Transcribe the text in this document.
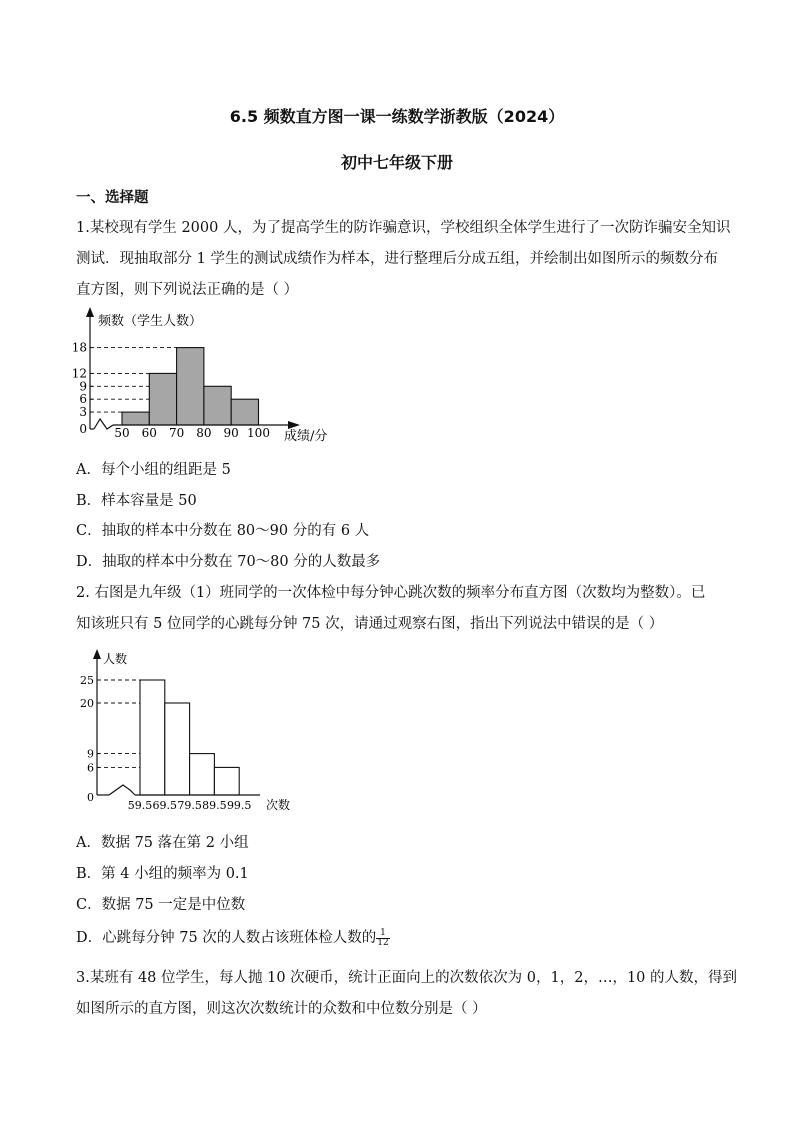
6.5 频数直方图一课一练数学浙教版（2024）
初中七年级下册
一、选择题
1.某校现有学生 2000 人，为了提高学生的防诈骗意识，学校组织全体学生进行了一次防诈骗安全知识
测试．现抽取部分 1 学生的测试成绩作为样本，进行整理后分成五组，并绘制出如图所示的频数分布
直方图，则下列说法正确的是（ ）
频数（学生人数）
成绩/分
50 60 70 80 90 100
0
3
6
9
12
18
A．每个小组的组距是 5
B．样本容量是 50
C．抽取的样本中分数在 80～90 分的有 6 人
D．抽取的样本中分数在 70～80 分的人数最多
2. 右图是九年级（1）班同学的一次体检中每分钟心跳次数的频率分布直方图（次数均为整数）。已
知该班只有 5 位同学的心跳每分钟 75 次，请通过观察右图，指出下列说法中错误的是（ ）
人数
次数
59.5 69.5 79.5 89.5 99.5
0
6
9
20
25
A．数据 75 落在第 2 小组
B．第 4 小组的频率为 0.1
C．数据 75 一定是中位数
D．心跳每分钟 75 次的人数占该班体检人数的 $\frac{1}{12}$
3.某班有 48 位学生，每人抛 10 次硬币，统计正面向上的次数依次为 0，1，2，…，10 的人数，得到
如图所示的直方图，则这次次数统计的众数和中位数分别是（ ）
